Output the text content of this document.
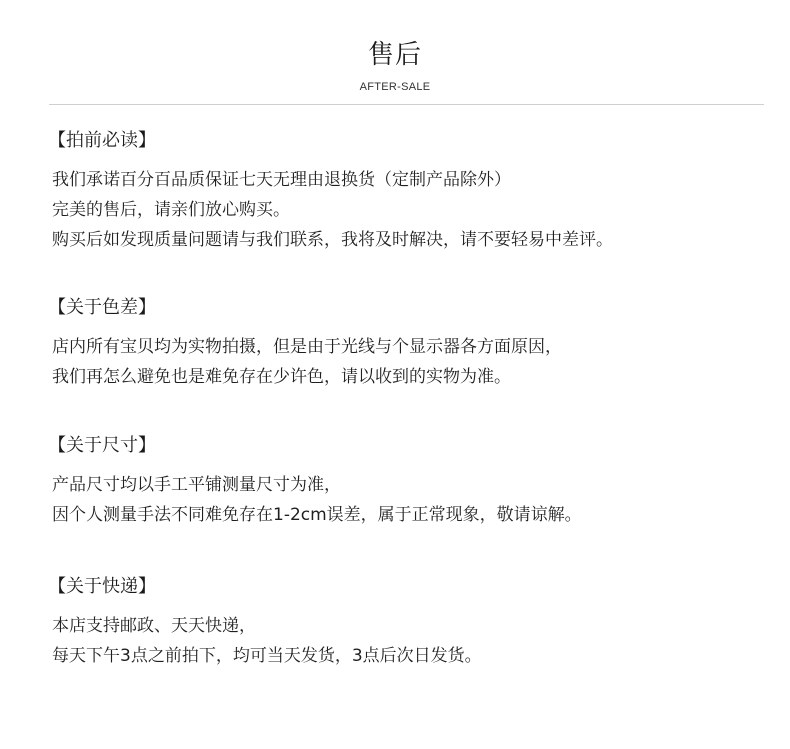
售后
AFTER-SALE
【拍前必读】
我们承诺百分百品质保证七天无理由退换货（定制产品除外）
完美的售后，请亲们放心购买。
购买后如发现质量问题请与我们联系，我将及时解决，请不要轻易中差评。
【关于色差】
店内所有宝贝均为实物拍摄，但是由于光线与个显示器各方面原因，
我们再怎么避免也是难免存在少许色，请以收到的实物为准。
【关于尺寸】
产品尺寸均以手工平铺测量尺寸为准，
因个人测量手法不同难免存在1-2cm误差，属于正常现象，敬请谅解。
【关于快递】
本店支持邮政、天天快递，
每天下午3点之前拍下，均可当天发货，3点后次日发货。
